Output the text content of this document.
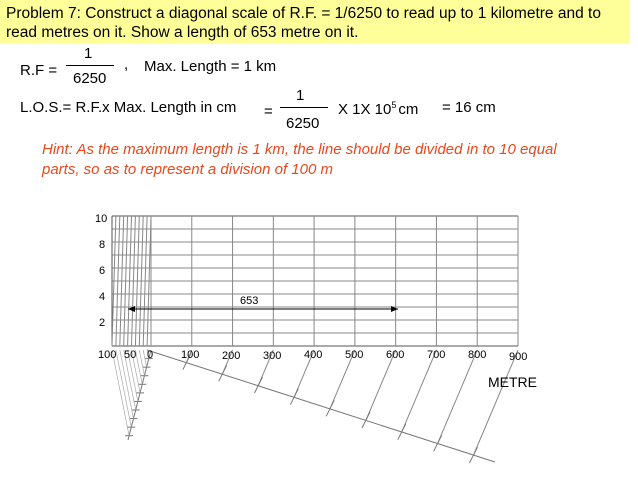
Problem 7: Construct a diagonal scale of R.F. = 1/6250 to read up to 1 kilometre and to read metres on it. Show a length of 653 metre on it.
R.F =
1
6250
, Max. Length = 1 km
L.O.S.= R.F.x Max. Length in cm =
1
6250
X 1X $10^5$ cm = 16 cm
Hint: As the maximum length is 1 km, the line should be divided in to 10 equal parts, so as to represent a division of 100 m
653
10
8
6
4
2
100 50 0	100 200 300 400 500 600 700 800 900
METRE
